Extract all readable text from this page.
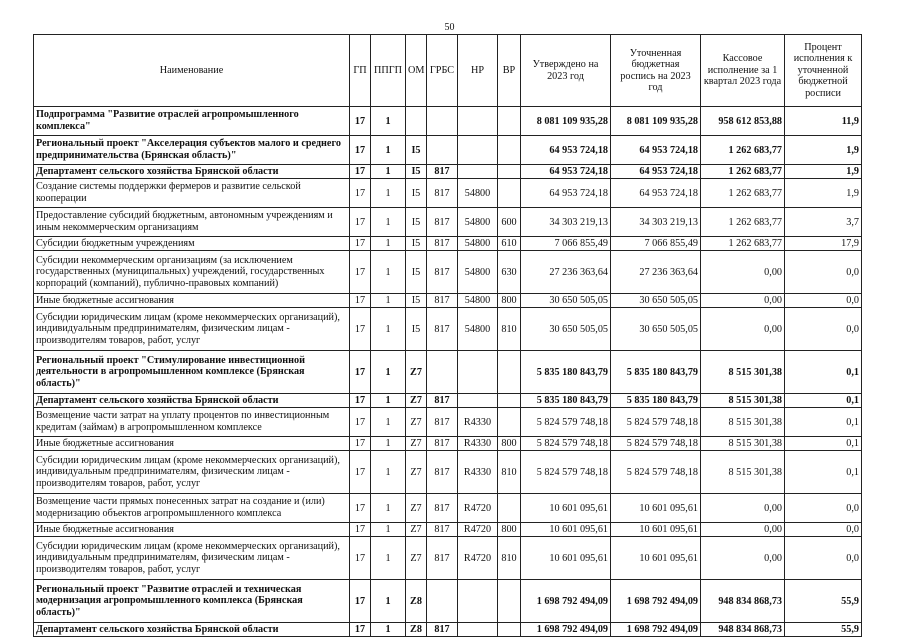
50
Наименование	ГП	ППГП	ОМ	ГРБС	НР	ВР	Утверждено на 2023 год	Уточненная бюджетная роспись на 2023 год	Кассовое исполнение за 1 квартал 2023 года	Процент исполнения к уточненной бюджетной росписи
Подпрограмма "Развитие отраслей агропромышленного комплекса"	17	1					8 081 109 935,28	8 081 109 935,28	958 612 853,88	11,9
Региональный проект "Акселерация субъектов малого и среднего предпринимательства (Брянская область)"	17	1	I5				64 953 724,18	64 953 724,18	1 262 683,77	1,9
Департамент сельского хозяйства Брянской области	17	1	I5	817			64 953 724,18	64 953 724,18	1 262 683,77	1,9
Создание системы поддержки фермеров и развитие сельской кооперации	17	1	I5	817	54800		64 953 724,18	64 953 724,18	1 262 683,77	1,9
Предоставление субсидий бюджетным, автономным учреждениям и иным некоммерческим организациям	17	1	I5	817	54800	600	34 303 219,13	34 303 219,13	1 262 683,77	3,7
Субсидии бюджетным учреждениям	17	1	I5	817	54800	610	7 066 855,49	7 066 855,49	1 262 683,77	17,9
Субсидии некоммерческим организациям (за исключением государственных (муниципальных) учреждений, государственных корпораций (компаний), публично-правовых компаний)	17	1	I5	817	54800	630	27 236 363,64	27 236 363,64	0,00	0,0
Иные бюджетные ассигнования	17	1	I5	817	54800	800	30 650 505,05	30 650 505,05	0,00	0,0
Субсидии юридическим лицам (кроме некоммерческих организаций), индивидуальным предпринимателям, физическим лицам - производителям товаров, работ, услуг	17	1	I5	817	54800	810	30 650 505,05	30 650 505,05	0,00	0,0
Региональный проект "Стимулирование инвестиционной деятельности в агропромышленном комплексе (Брянская область)"	17	1	Z7				5 835 180 843,79	5 835 180 843,79	8 515 301,38	0,1
Департамент сельского хозяйства Брянской области	17	1	Z7	817			5 835 180 843,79	5 835 180 843,79	8 515 301,38	0,1
Возмещение части затрат на уплату процентов по инвестиционным кредитам (займам) в агропромышленном комплексе	17	1	Z7	817	R4330		5 824 579 748,18	5 824 579 748,18	8 515 301,38	0,1
Иные бюджетные ассигнования	17	1	Z7	817	R4330	800	5 824 579 748,18	5 824 579 748,18	8 515 301,38	0,1
Субсидии юридическим лицам (кроме некоммерческих организаций), индивидуальным предпринимателям, физическим лицам - производителям товаров, работ, услуг	17	1	Z7	817	R4330	810	5 824 579 748,18	5 824 579 748,18	8 515 301,38	0,1
Возмещение части прямых понесенных затрат на создание и (или) модернизацию объектов агропромышленного комплекса	17	1	Z7	817	R4720		10 601 095,61	10 601 095,61	0,00	0,0
Иные бюджетные ассигнования	17	1	Z7	817	R4720	800	10 601 095,61	10 601 095,61	0,00	0,0
Субсидии юридическим лицам (кроме некоммерческих организаций), индивидуальным предпринимателям, физическим лицам - производителям товаров, работ, услуг	17	1	Z7	817	R4720	810	10 601 095,61	10 601 095,61	0,00	0,0
Региональный проект "Развитие отраслей и техническая модернизация агропромышленного комплекса (Брянская область)"	17	1	Z8				1 698 792 494,09	1 698 792 494,09	948 834 868,73	55,9
Департамент сельского хозяйства Брянской области	17	1	Z8	817			1 698 792 494,09	1 698 792 494,09	948 834 868,73	55,9
